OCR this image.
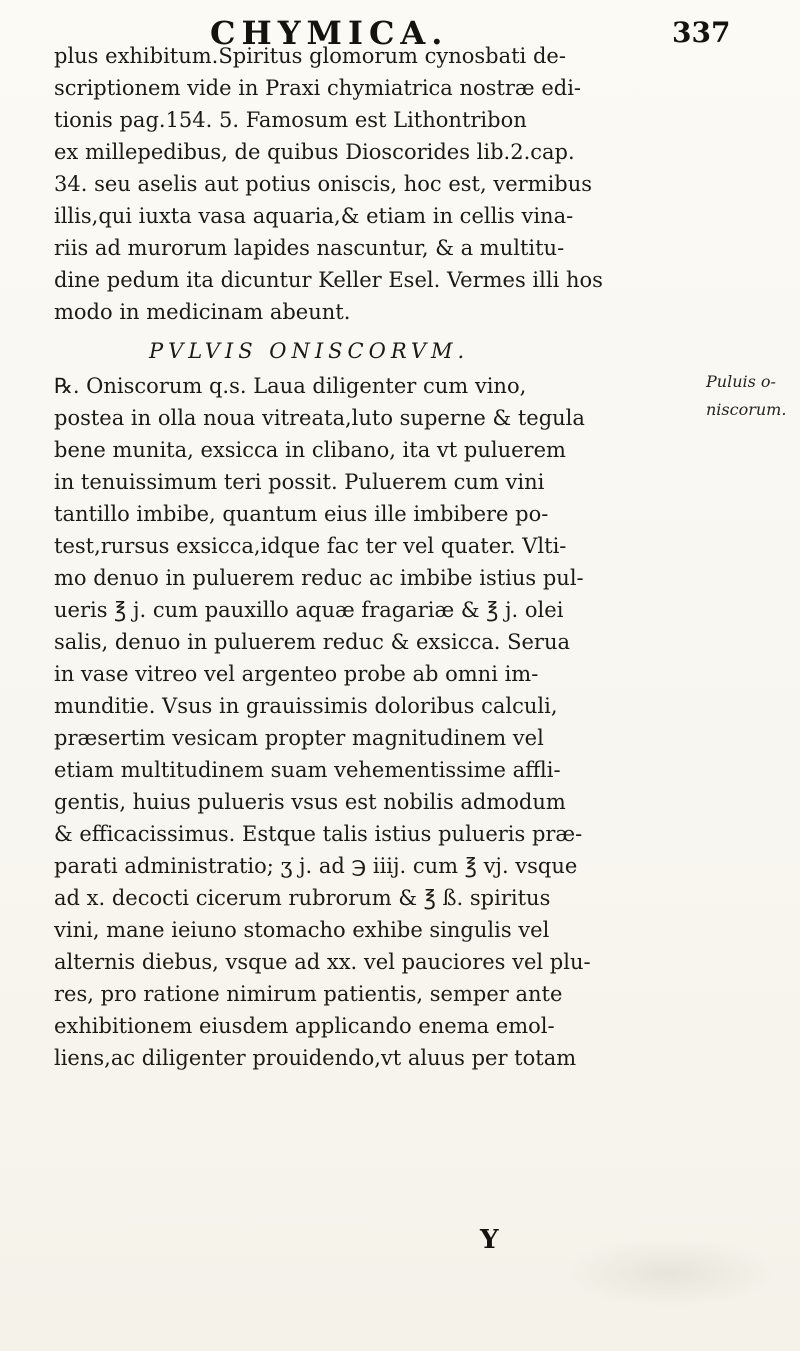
CHYMICA.	337
plus exhibitum.Spiritus glomorum cynosbati de-
scriptionem vide in Praxi chymiatrica nostræ edi-
tionis pag.154. 5. Famosum est Lithontribon
ex millepedibus, de quibus Dioscorides lib.2.cap.
34. seu aselis aut potius oniscis, hoc est, vermibus
illis,qui iuxta vasa aquaria,& etiam in cellis vina-
riis ad murorum lapides nascuntur, & a multitu-
dine pedum ita dicuntur Keller Esel. Vermes illi hos
modo in medicinam abeunt.
PVLVIS ONISCORVM.
℞. Oniscorum q.s. Laua diligenter cum vino,
postea in olla noua vitreata,luto superne & tegula
bene munita, exsicca in clibano, ita vt puluerem
in tenuissimum teri possit. Puluerem cum vini
tantillo imbibe, quantum eius ille imbibere po-
test,rursus exsicca,idque fac ter vel quater. Vlti-
mo denuo in puluerem reduc ac imbibe istius pul-
ueris ℥ j. cum pauxillo aquæ fragariæ & ℥ j. olei
salis, denuo in puluerem reduc & exsicca. Serua
in vase vitreo vel argenteo probe ab omni im-
munditie. Vsus in grauissimis doloribus calculi,
præsertim vesicam propter magnitudinem vel
etiam multitudinem suam vehementissime affli-
gentis, huius pulueris vsus est nobilis admodum
& efficacissimus. Estque talis istius pulueris præ-
parati administratio; ʒ j. ad ℈ iiij. cum ℥ vj. vsque
ad x. decocti cicerum rubrorum & ℥ ß. spiritus
vini, mane ieiuno stomacho exhibe singulis vel
alternis diebus, vsque ad xx. vel pauciores vel plu-
res, pro ratione nimirum patientis, semper ante
exhibitionem eiusdem applicando enema emol-
liens,ac diligenter prouidendo,vt aluus per totam
Puluis o-
niscorum.
Y
